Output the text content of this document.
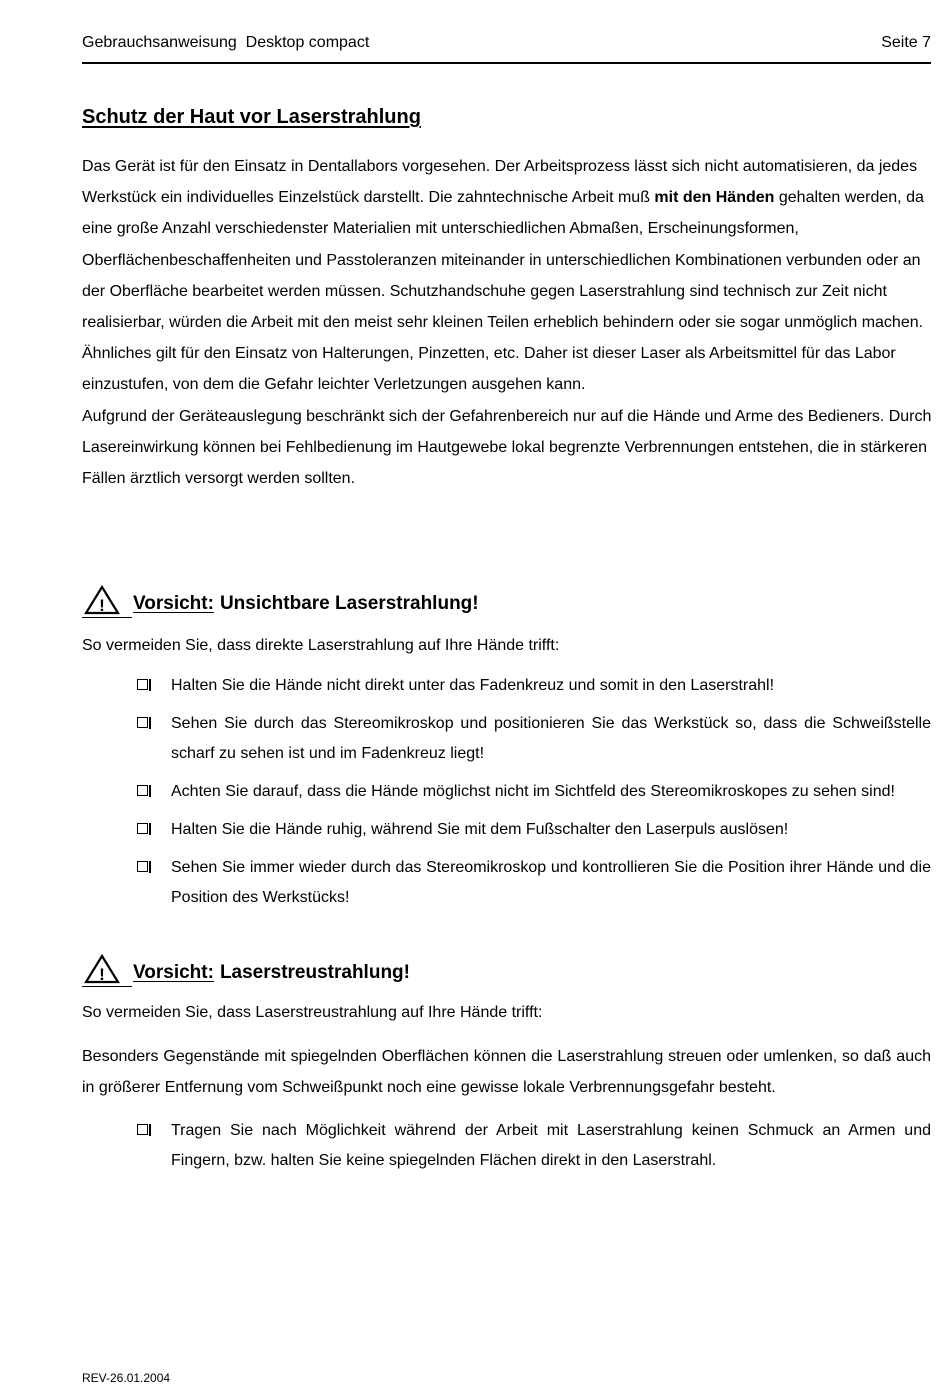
Gebrauchsanweisung  Desktop compact	Seite 7
Schutz der Haut vor Laserstrahlung

Das Gerät ist für den Einsatz in Dentallabors vorgesehen. Der Arbeitsprozess lässt sich nicht automatisieren, da jedes Werkstück ein individuelles Einzelstück darstellt. Die zahntechnische Arbeit muß mit den Händen gehalten werden, da eine große Anzahl verschiedenster Materialien mit unterschiedlichen Abmaßen, Erscheinungsformen, Oberflächenbeschaffenheiten und Passtoleranzen miteinander in unterschiedlichen Kombinationen verbunden oder an der Oberfläche bearbeitet werden müssen. Schutzhandschuhe gegen Laserstrahlung sind technisch zur Zeit nicht realisierbar, würden die Arbeit mit den meist sehr kleinen Teilen erheblich behindern oder sie sogar unmöglich machen. Ähnliches gilt für den Einsatz von Halterungen, Pinzetten, etc. Daher ist dieser Laser als Arbeitsmittel für das Labor einzustufen, von dem die Gefahr leichter Verletzungen ausgehen kann.

Aufgrund der Geräteauslegung beschränkt sich der Gefahrenbereich nur auf die Hände und Arme des Bedieners. Durch Lasereinwirkung können bei Fehlbedienung im Hautgewebe lokal begrenzte Verbrennungen entstehen, die in stärkeren Fällen ärztlich versorgt werden sollten.

! Vorsicht: Unsichtbare Laserstrahlung!

So vermeiden Sie, dass direkte Laserstrahlung auf Ihre Hände trifft:

Halten Sie die Hände nicht direkt unter das Fadenkreuz und somit in den Laserstrahl!
Sehen Sie durch das Stereomikroskop und positionieren Sie das Werkstück so, dass die Schweißstelle scharf zu sehen ist und im Fadenkreuz liegt!
Achten Sie darauf, dass die Hände möglichst nicht im Sichtfeld des Stereomikroskopes zu sehen sind!
Halten Sie die Hände ruhig, während Sie mit dem Fußschalter den Laserpuls auslösen!
Sehen Sie immer wieder durch das Stereomikroskop und kontrollieren Sie die Position ihrer Hände und die Position des Werkstücks!
! Vorsicht: Laserstreustrahlung!

So vermeiden Sie, dass Laserstreustrahlung auf Ihre Hände trifft:

Besonders Gegenstände mit spiegelnden Oberflächen können die Laserstrahlung streuen oder umlenken, so daß auch in größerer Entfernung vom Schweißpunkt noch eine gewisse lokale Verbrennungsgefahr besteht.

Tragen Sie nach Möglichkeit während der Arbeit mit Laserstrahlung keinen Schmuck an Armen und Fingern, bzw. halten Sie keine spiegelnden Flächen direkt in den Laserstrahl.
REV-26.01.2004
